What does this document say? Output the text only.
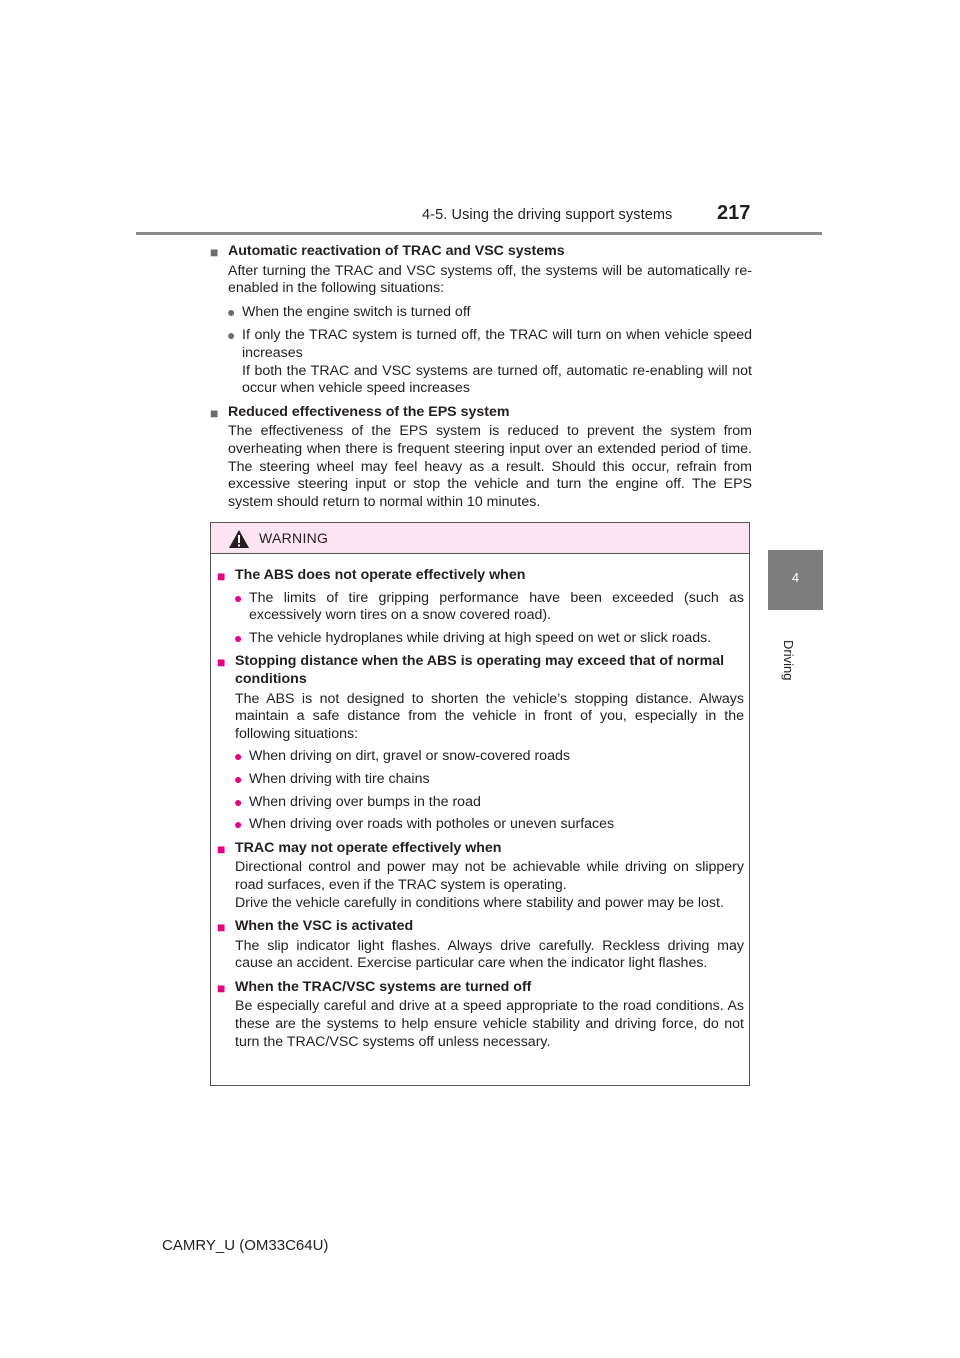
4-5. Using the driving support systems 217
4
Driving
■ Automatic reactivation of TRAC and VSC systems
After turning the TRAC and VSC systems off, the systems will be automatically re-enabled in the following situations:
● When the engine switch is turned off
● If only the TRAC system is turned off, the TRAC will turn on when vehicle speed increases
If both the TRAC and VSC systems are turned off, automatic re-enabling will not occur when vehicle speed increases
■ Reduced effectiveness of the EPS system
The effectiveness of the EPS system is reduced to prevent the system from overheating when there is frequent steering input over an extended period of time. The steering wheel may feel heavy as a result. Should this occur, refrain from excessive steering input or stop the vehicle and turn the engine off. The EPS system should return to normal within 10 minutes.
WARNING
■ The ABS does not operate effectively when
● The limits of tire gripping performance have been exceeded (such as excessively worn tires on a snow covered road).
● The vehicle hydroplanes while driving at high speed on wet or slick roads.
■ Stopping distance when the ABS is operating may exceed that of normal conditions
The ABS is not designed to shorten the vehicle’s stopping distance. Always maintain a safe distance from the vehicle in front of you, especially in the following situations:
● When driving on dirt, gravel or snow-covered roads
● When driving with tire chains
● When driving over bumps in the road
● When driving over roads with potholes or uneven surfaces
■ TRAC may not operate effectively when
Directional control and power may not be achievable while driving on slippery road surfaces, even if the TRAC system is operating.
Drive the vehicle carefully in conditions where stability and power may be lost.
■ When the VSC is activated
The slip indicator light flashes. Always drive carefully. Reckless driving may cause an accident. Exercise particular care when the indicator light flashes.
■ When the TRAC/VSC systems are turned off
Be especially careful and drive at a speed appropriate to the road conditions. As these are the systems to help ensure vehicle stability and driving force, do not turn the TRAC/VSC systems off unless necessary.
CAMRY_U (OM33C64U)
